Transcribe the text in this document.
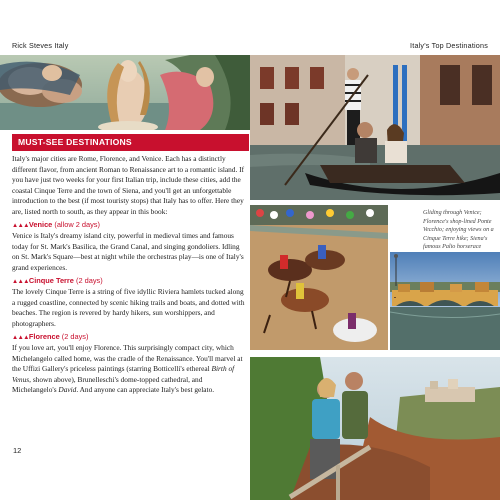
Rick Steves Italy	Italy's Top Destinations
MUST-SEE DESTINATIONS

Italy's major cities are Rome, Florence, and Venice. Each has a distinctly different flavor, from ancient Roman to Renaissance art to a romantic island. If you have just two weeks for your first Italian trip, include these cities, add the coastal Cinque Terre and the town of Siena, and you'll get an unforgettable introduction to the best (if most touristy stops) that Italy has to offer. Here they are, listed north to south, as they appear in this book:

▲▲▲Venice (allow 2 days)

Venice is Italy's dreamy island city, powerful in medieval times and famous today for St. Mark's Basilica, the Grand Canal, and singing gondoliers. Idling on St. Mark's Square—best at night while the orchestras play—is one of Italy's grand experiences.

▲▲▲Cinque Terre (2 days)

The lovely Cinque Terre is a string of five idyllic Riviera hamlets tucked along a rugged coastline, connected by scenic hiking trails and boats, and dotted with beaches. The region is revered by hardy hikers, sun worshippers, and photographers.

▲▲▲Florence (2 days)

If you love art, you'll enjoy Florence. This surprisingly compact city, which Michelangelo called home, was the cradle of the Renaissance. You'll marvel at the Uffizi Gallery's priceless paintings (starring Botticelli's ethereal Birth of Venus, shown above), Brunelleschi's dome-topped cathedral, and Michelangelo's David. And anyone can appreciate Italy's best gelato.

Gliding through Venice; Florence's shop-lined Ponte Vecchio; enjoying views on a Cinque Terre hike; Siena's famous Palio horserace
12
